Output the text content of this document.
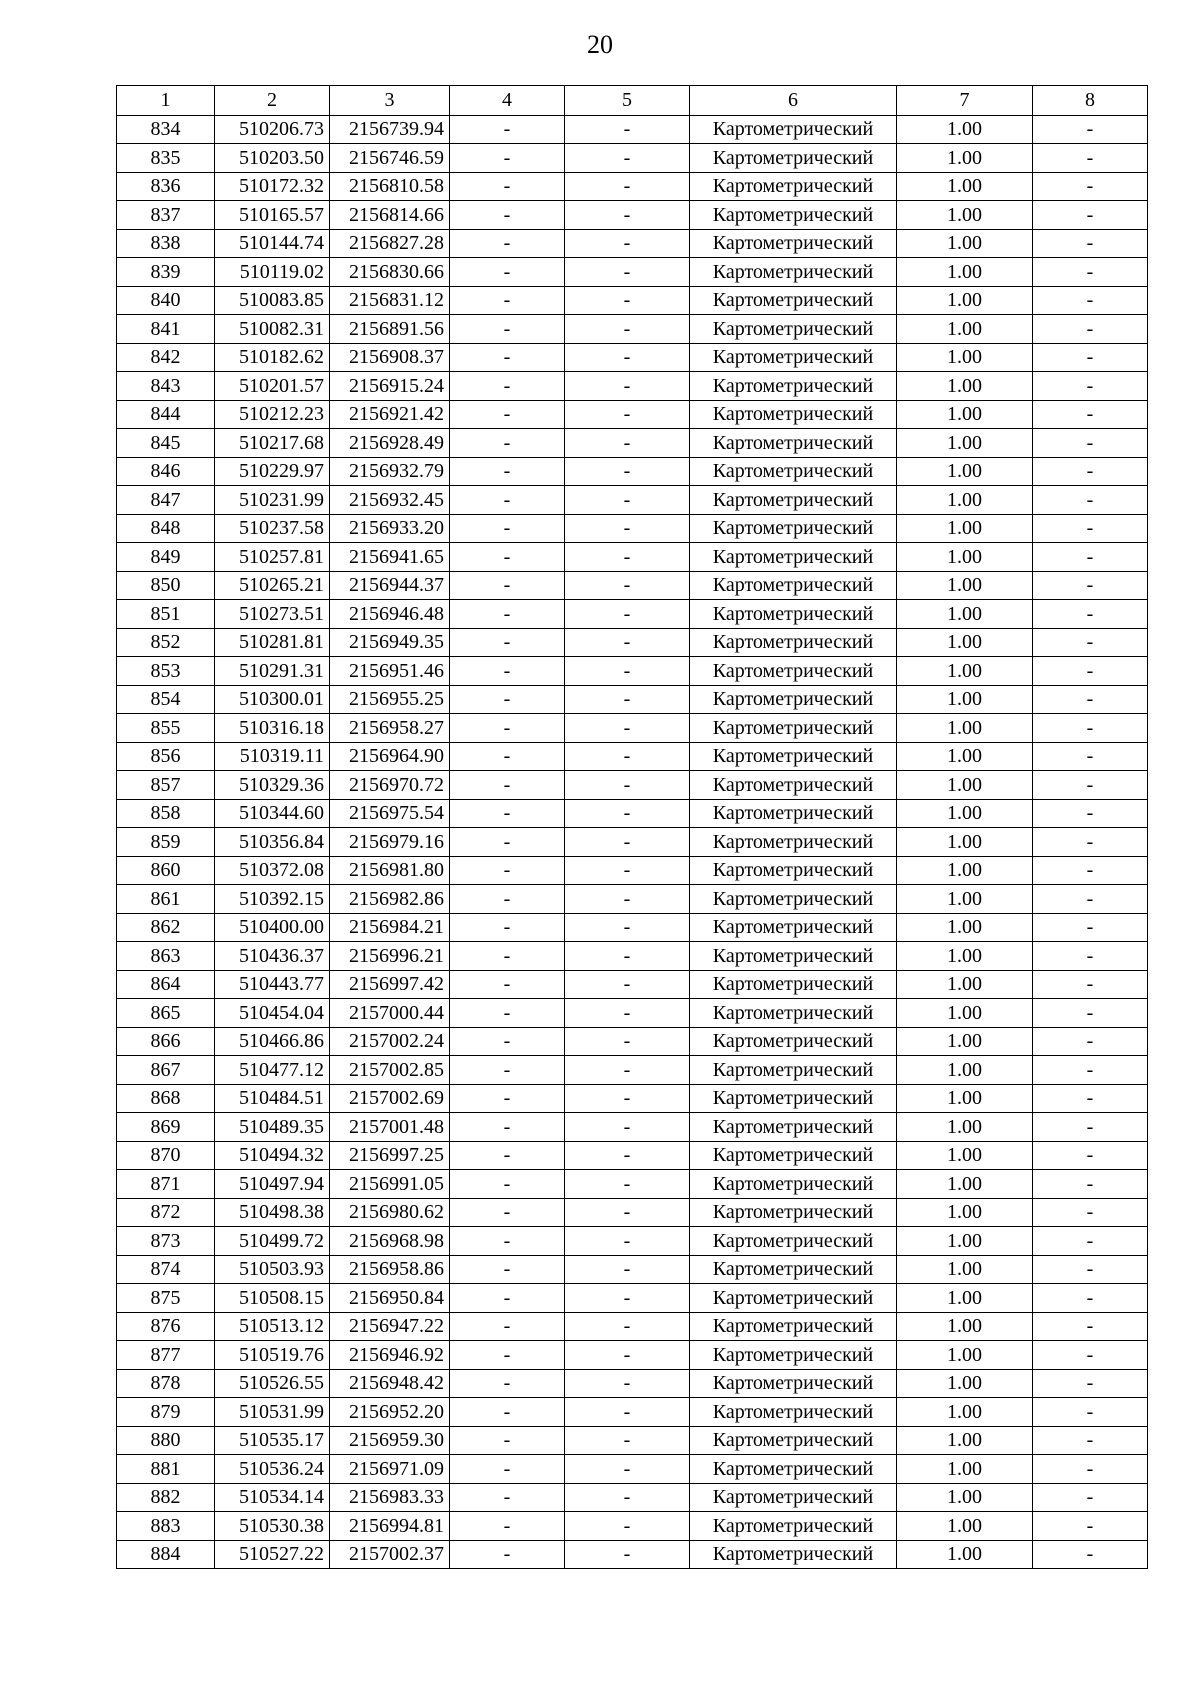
20
1	2	3	4	5	6	7	8
834	510206.73	2156739.94	-	-	Картометрический	1.00	-
835	510203.50	2156746.59	-	-	Картометрический	1.00	-
836	510172.32	2156810.58	-	-	Картометрический	1.00	-
837	510165.57	2156814.66	-	-	Картометрический	1.00	-
838	510144.74	2156827.28	-	-	Картометрический	1.00	-
839	510119.02	2156830.66	-	-	Картометрический	1.00	-
840	510083.85	2156831.12	-	-	Картометрический	1.00	-
841	510082.31	2156891.56	-	-	Картометрический	1.00	-
842	510182.62	2156908.37	-	-	Картометрический	1.00	-
843	510201.57	2156915.24	-	-	Картометрический	1.00	-
844	510212.23	2156921.42	-	-	Картометрический	1.00	-
845	510217.68	2156928.49	-	-	Картометрический	1.00	-
846	510229.97	2156932.79	-	-	Картометрический	1.00	-
847	510231.99	2156932.45	-	-	Картометрический	1.00	-
848	510237.58	2156933.20	-	-	Картометрический	1.00	-
849	510257.81	2156941.65	-	-	Картометрический	1.00	-
850	510265.21	2156944.37	-	-	Картометрический	1.00	-
851	510273.51	2156946.48	-	-	Картометрический	1.00	-
852	510281.81	2156949.35	-	-	Картометрический	1.00	-
853	510291.31	2156951.46	-	-	Картометрический	1.00	-
854	510300.01	2156955.25	-	-	Картометрический	1.00	-
855	510316.18	2156958.27	-	-	Картометрический	1.00	-
856	510319.11	2156964.90	-	-	Картометрический	1.00	-
857	510329.36	2156970.72	-	-	Картометрический	1.00	-
858	510344.60	2156975.54	-	-	Картометрический	1.00	-
859	510356.84	2156979.16	-	-	Картометрический	1.00	-
860	510372.08	2156981.80	-	-	Картометрический	1.00	-
861	510392.15	2156982.86	-	-	Картометрический	1.00	-
862	510400.00	2156984.21	-	-	Картометрический	1.00	-
863	510436.37	2156996.21	-	-	Картометрический	1.00	-
864	510443.77	2156997.42	-	-	Картометрический	1.00	-
865	510454.04	2157000.44	-	-	Картометрический	1.00	-
866	510466.86	2157002.24	-	-	Картометрический	1.00	-
867	510477.12	2157002.85	-	-	Картометрический	1.00	-
868	510484.51	2157002.69	-	-	Картометрический	1.00	-
869	510489.35	2157001.48	-	-	Картометрический	1.00	-
870	510494.32	2156997.25	-	-	Картометрический	1.00	-
871	510497.94	2156991.05	-	-	Картометрический	1.00	-
872	510498.38	2156980.62	-	-	Картометрический	1.00	-
873	510499.72	2156968.98	-	-	Картометрический	1.00	-
874	510503.93	2156958.86	-	-	Картометрический	1.00	-
875	510508.15	2156950.84	-	-	Картометрический	1.00	-
876	510513.12	2156947.22	-	-	Картометрический	1.00	-
877	510519.76	2156946.92	-	-	Картометрический	1.00	-
878	510526.55	2156948.42	-	-	Картометрический	1.00	-
879	510531.99	2156952.20	-	-	Картометрический	1.00	-
880	510535.17	2156959.30	-	-	Картометрический	1.00	-
881	510536.24	2156971.09	-	-	Картометрический	1.00	-
882	510534.14	2156983.33	-	-	Картометрический	1.00	-
883	510530.38	2156994.81	-	-	Картометрический	1.00	-
884	510527.22	2157002.37	-	-	Картометрический	1.00	-
